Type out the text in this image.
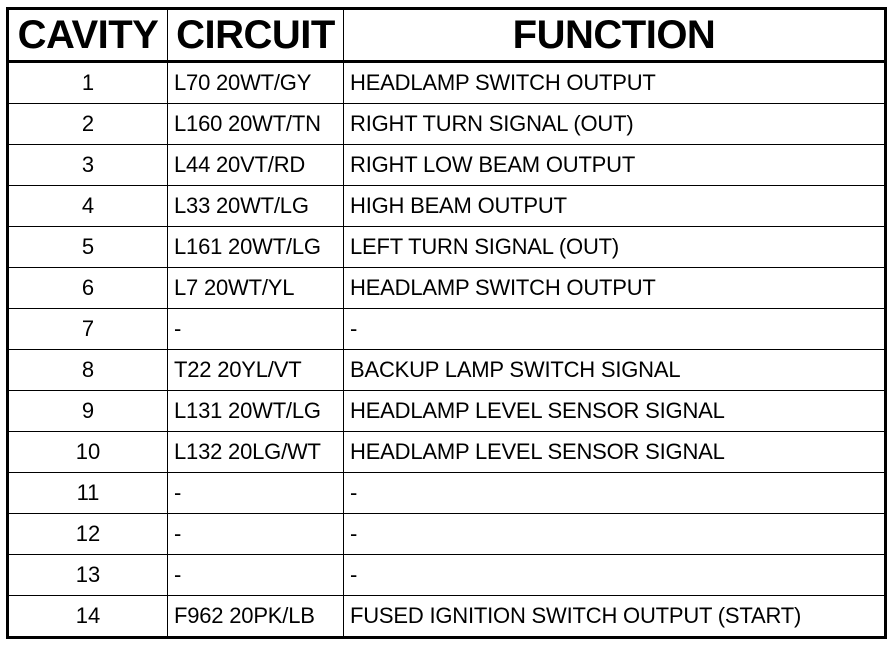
CAVITY	CIRCUIT	FUNCTION
1	L70 20WT/GY	HEADLAMP SWITCH OUTPUT
2	L160 20WT/TN	RIGHT TURN SIGNAL (OUT)
3	L44 20VT/RD	RIGHT LOW BEAM OUTPUT
4	L33 20WT/LG	HIGH BEAM OUTPUT
5	L161 20WT/LG	LEFT TURN SIGNAL (OUT)
6	L7 20WT/YL	HEADLAMP SWITCH OUTPUT
7	-	-
8	T22 20YL/VT	BACKUP LAMP SWITCH SIGNAL
9	L131 20WT/LG	HEADLAMP LEVEL SENSOR SIGNAL
10	L132 20LG/WT	HEADLAMP LEVEL SENSOR SIGNAL
11	-	-
12	-	-
13	-	-
14	F962 20PK/LB	FUSED IGNITION SWITCH OUTPUT (START)
